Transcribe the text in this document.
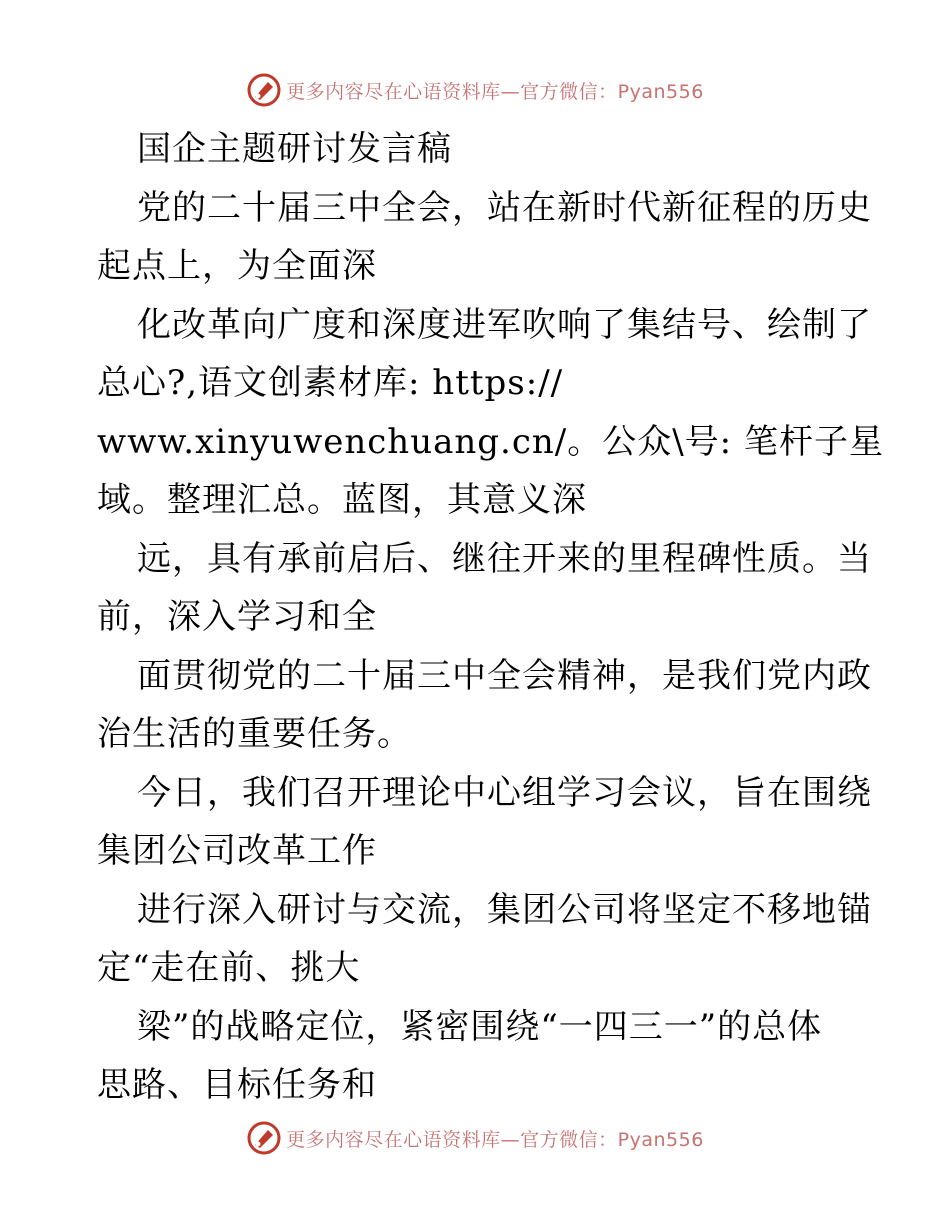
更多内容尽在心语资料库—官方微信：Pyan556
国企主题研讨发言稿
党的二十届三中全会，站在新时代新征程的历史
起点上，为全面深
化改革向广度和深度进军吹响了集结号、绘制了
总心?,语文创素材库: https://
www.xinyuwenchuang.cn/。公众\号: 笔杆子星
域。整理汇总。蓝图，其意义深
远，具有承前启后、继往开来的里程碑性质。当
前，深入学习和全
面贯彻党的二十届三中全会精神，是我们党内政
治生活的重要任务。
今日，我们召开理论中心组学习会议，旨在围绕
集团公司改革工作
进行深入研讨与交流，集团公司将坚定不移地锚
定“走在前、挑大
梁”的战略定位，紧密围绕“一四三一”的总体
思路、目标任务和
更多内容尽在心语资料库—官方微信：Pyan556
